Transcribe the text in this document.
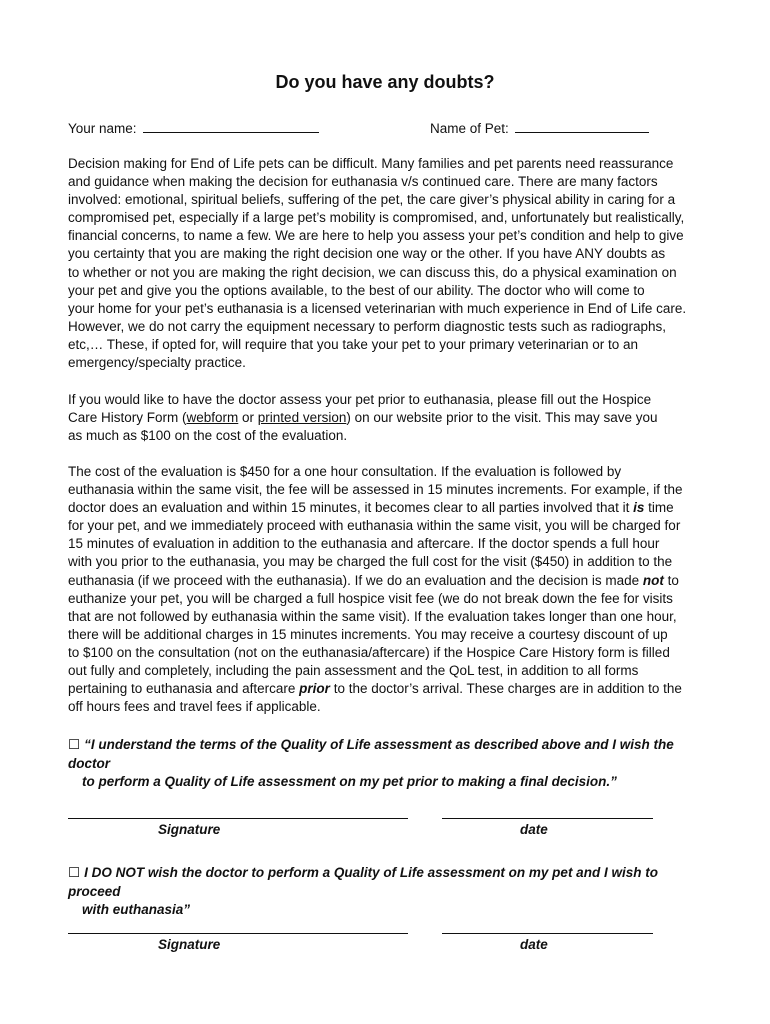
Do you have any doubts?
Your name:	Name of Pet:
Decision making for End of Life pets can be difficult. Many families and pet parents need reassurance
and guidance when making the decision for euthanasia v/s continued care. There are many factors
involved: emotional, spiritual beliefs, suffering of the pet, the care giver’s physical ability in caring for a
compromised pet, especially if a large pet’s mobility is compromised, and, unfortunately but realistically,
financial concerns, to name a few. We are here to help you assess your pet’s condition and help to give
you certainty that you are making the right decision one way or the other. If you have ANY doubts as
to whether or not you are making the right decision, we can discuss this, do a physical examination on
your pet and give you the options available, to the best of our ability. The doctor who will come to
your home for your pet’s euthanasia is a licensed veterinarian with much experience in End of Life care.
However, we do not carry the equipment necessary to perform diagnostic tests such as radiographs,
etc,… These, if opted for, will require that you take your pet to your primary veterinarian or to an
emergency/specialty practice.
If you would like to have the doctor assess your pet prior to euthanasia, please fill out the Hospice
Care History Form (webform or printed version) on our website prior to the visit. This may save you
as much as $100 on the cost of the evaluation.
The cost of the evaluation is $450 for a one hour consultation. If the evaluation is followed by
euthanasia within the same visit, the fee will be assessed in 15 minutes increments. For example, if the
doctor does an evaluation and within 15 minutes, it becomes clear to all parties involved that it is time
for your pet, and we immediately proceed with euthanasia within the same visit, you will be charged for
15 minutes of evaluation in addition to the euthanasia and aftercare. If the doctor spends a full hour
with you prior to the euthanasia, you may be charged the full cost for the visit ($450) in addition to the
euthanasia (if we proceed with the euthanasia). If we do an evaluation and the decision is made not to
euthanize your pet, you will be charged a full hospice visit fee (we do not break down the fee for visits
that are not followed by euthanasia within the same visit). If the evaluation takes longer than one hour,
there will be additional charges in 15 minutes increments. You may receive a courtesy discount of up
to $100 on the consultation (not on the euthanasia/aftercare) if the Hospice Care History form is filled
out fully and completely, including the pain assessment and the QoL test, in addition to all forms
pertaining to euthanasia and aftercare prior to the doctor’s arrival. These charges are in addition to the
off hours fees and travel fees if applicable.
☐ “I understand the terms of the Quality of Life assessment as described above and I wish the doctor
to perform a Quality of Life assessment on my pet prior to making a final decision.”
Signature	date
☐ I DO NOT wish the doctor to perform a Quality of Life assessment on my pet and I wish to proceed
with euthanasia”
Signature	date
